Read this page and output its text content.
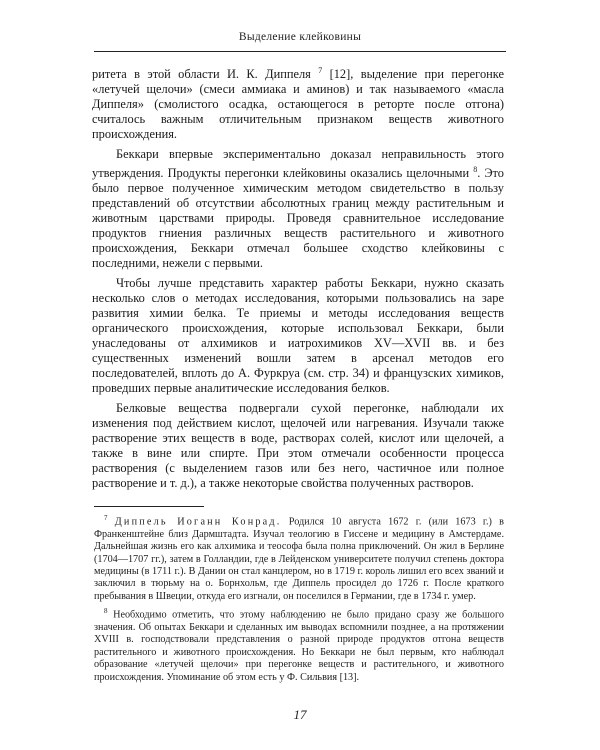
Выделение клейковины

ритета в этой области И. К. Диппеля $^7$ [12], выделение при перегонке «летучей щелочи» (смеси аммиака и аминов) и так называемого «масла Диппеля» (смолистого осадка, остающегося в реторте после отгона) считалось важным отличительным признаком веществ животного происхождения.

Беккари впервые экспериментально доказал неправильность этого утверждения. Продукты перегонки клейковины оказались щелочными $^8$. Это было первое полученное химическим методом свидетельство в пользу представлений об отсутствии абсолютных границ между растительным и животным царствами природы. Проведя сравнительное исследование продуктов гниения различных веществ растительного и животного происхождения, Беккари отмечал большее сходство клейковины с последними, нежели с первыми.

Чтобы лучше представить характер работы Беккари, нужно сказать несколько слов о методах исследования, которыми пользовались на заре развития химии белка. Те приемы и методы исследования веществ органического происхождения, которые использовал Беккари, были унаследованы от алхимиков и иатрохимиков XV—XVII вв. и без существенных изменений вошли затем в арсенал методов его последователей, вплоть до А. Фуркруа (см. стр. 34) и французских химиков, проведших первые аналитические исследования белков.

Белковые вещества подвергали сухой перегонке, наблюдали их изменения под действием кислот, щелочей или нагревания. Изучали также растворение этих веществ в воде, растворах солей, кислот или щелочей, а также в вине или спирте. При этом отмечали особенности процесса растворения (с выделением газов или без него, частичное или полное растворение и т. д.), а также некоторые свойства полученных растворов.

$^7$ Диппель Иоганн Конрад. Родился 10 августа 1672 г. (или 1673 г.) в Франкенштейне близ Дармштадта. Изучал теологию в Гиссене и медицину в Амстердаме. Дальнейшая жизнь его как алхимика и теософа была полна приключений. Он жил в Берлине (1704—1707 гг.), затем в Голландии, где в Лейденском университете получил степень доктора медицины (в 1711 г.). В Дании он стал канцлером, но в 1719 г. король лишил его всех званий и заключил в тюрьму на о. Борнхольм, где Диппель просидел до 1726 г. После краткого пребывания в Швеции, откуда его изгнали, он поселился в Германии, где в 1734 г. умер.

$^8$ Необходимо отметить, что этому наблюдению не было придано сразу же большого значения. Об опытах Беккари и сделанных им выводах вспомнили позднее, а на протяжении XVIII в. господствовали представления о разной природе продуктов отгона веществ растительного и животного происхождения. Но Беккари не был первым, кто наблюдал образование «летучей щелочи» при перегонке веществ и растительного, и животного происхождения. Упоминание об этом есть у Ф. Сильвия [13].

17
